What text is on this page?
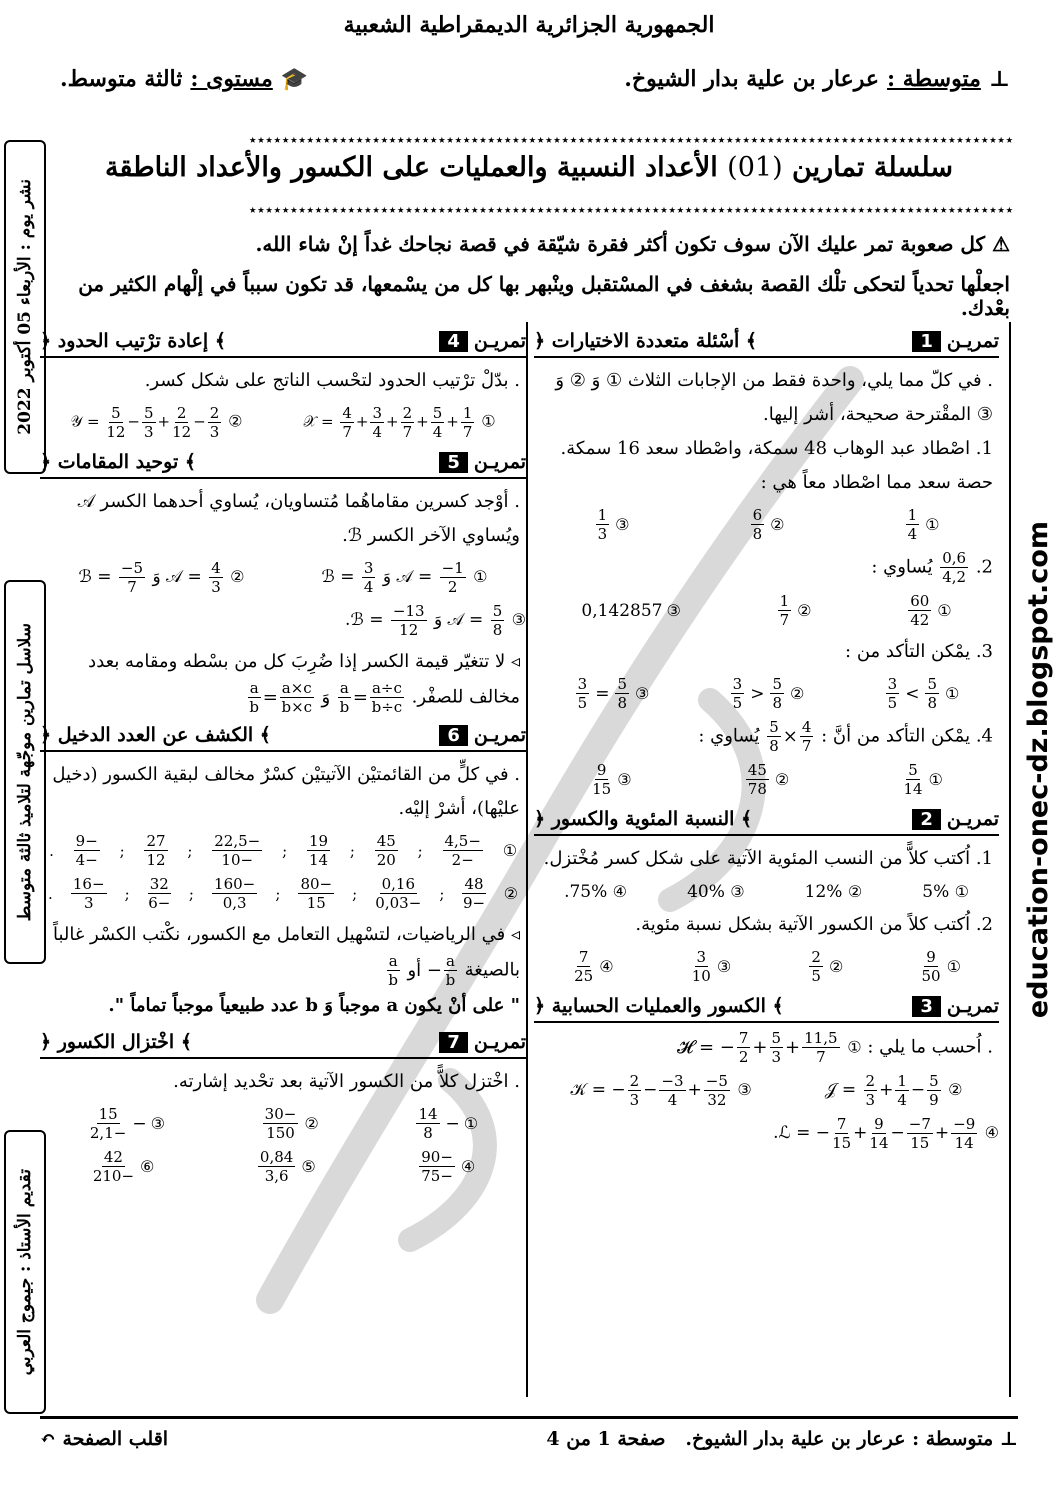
الجمهورية الجزائرية الديمقراطية الشعبية
⊥
متوسطة :
عرعار بن علية بدار الشيوخ.
🎓
مستوى :
ثالثة متوسط.
★★★★★★★★★★★★★★★★★★★★★★★★★★★★★★★★★★★★★★★★★★★★★★★★★★★★★★★★★★★★★★★★★★★★★★★★★★★★★★★★★★★★★★★★★★★★★
★★★★★★★★★★★★★★★★★★★★★★★★★★★★★★★★★★★★★★★★★★★★★★★★★★★★★★★★★★★★★★★★★★★★★★★★★★★★★★★★★★★★★★★★★★★★★
سلسلة تمارين (01) الأعداد النسبية والعمليات على الكسور والأعداد الناطقة
⚠ كل صعوبة تمر عليك الآن سوف تكون أكثر فقرة شيّقة في قصة نجاحك غداً إنْ شاء الله.
اجعلْها تحدياً لتحكى تلْك القصة بشغف في المسْتقبل وينْبهر بها كل من يسْمعها، قد تكون سبباً في إلْهام الكثير من بعْدك.
نشر يوم : الأربعاء 05 أكتوبر 2022
سلاسل تمارين موجّهة لتلاميذ ثالثة متوسط
تقديم الأستاذ : جيموج العربي
education-onec-dz.blogspot.com
تمريـن
1
﴾ أسْئلة متعددة الاختيارات ﴿
. في كلّ مما يلي، واحدة فقط من الإجابات الثلاث ① وَ ② وَ ③ المقْترحة صحيحة، أشر إليها.
1. اصْطاد عبد الوهاب 48 سمكة، واصْطاد سعد 16 سمكة. حصة سعد مما اصْطاد معاً هي :
①
$\frac{1}{4}$
②
$\frac{6}{8}$
③
$\frac{1}{3}$
2.
$\frac{0,6}{4,2}$
يُساوي :
①
$\frac{60}{42}$
②
$\frac{1}{7}$
③
0,142857
3. يمْكن التأكد من :
$\frac{3}{5} = \frac{5}{8}$ ③	$\frac{3}{5} > \frac{5}{8}$ ②	$\frac{3}{5} < \frac{5}{8}$ ①
4. يمْكن التأكد من أنَّ :
$\frac{5}{8} \times \frac{4}{7}$
يُساوي :
①
$\frac{5}{14}$
②
$\frac{45}{78}$
③
$\frac{9}{15}$
تمريـن
2
﴾ النسبة المئوية والكسور ﴿
1. اُكتب كلاًّ من النسب المئوية الآتية على شكل كسر مُخْتزل.
① 5%
② 12%
③ 40%
④ 75%.
2. اُكتب كلاً من الكسور الآتية بشكل نسبة مئوية.
①
$\frac{9}{50}$
②
$\frac{2}{5}$
③
$\frac{3}{10}$
④
$\frac{7}{25}$
تمريـن
3
﴾ الكسور والعمليات الحسابية ﴿
. اُحسب ما يلي : ① 𝓗 = − $\frac{7}{2} + \frac{5}{3} + \frac{11,5}{7}$
𝒦 = − $\frac{2}{3} - \frac{-3}{4} + \frac{-5}{32}$ ③	𝒥 = $\frac{2}{3} + \frac{1}{4} - \frac{5}{9}$ ②
.ℒ = − $\frac{7}{15} + \frac{9}{14} - \frac{-7}{15} + \frac{-9}{14}$ ④
تمريـن
4
﴾ إعادة ترْتيب الحدود ﴿
. بدّلْ ترْتيب الحدود لتحْسب الناتج على شكل كسر.
𝒴 = $\frac{5}{12} - \frac{5}{3} + \frac{2}{12} - \frac{2}{3}$ ②	𝒳 = $\frac{4}{7} + \frac{3}{4} + \frac{2}{7} + \frac{5}{4} + \frac{1}{7}$ ①
تمريـن
5
﴾ توحيد المقامات ﴿
. أوْجد كسرين مقاماهُما مُتساويان، يُساوي أحدهما الكسر 𝒜 ويُساوي الآخر الكسر ℬ.
ℬ = $\frac{-5}{7}$ وَ 𝒜 = $\frac{4}{3}$ ②	ℬ = $\frac{3}{4}$ وَ 𝒜 = $\frac{-1}{2}$ ①
.ℬ = $\frac{-13}{12}$ وَ 𝒜 = $\frac{5}{8}$ ③
◃ لا تتغيّر قيمة الكسر إذا ضُرِبَ كل من بسْطه ومقامه بعدد مخالف للصفْر.
$\frac{a}{b} = \frac{a\times c}{b\times c}$ وَ $\frac{a}{b} = \frac{a\div c}{b\div c}$
تمريـن
6
﴾ الكشف عن العدد الدخيل ﴿
. في كلٍّ من القائمتيْن الآتيتيْن كسْرٌ مخالف لبقية الكسور (دخيل عليْها)، أشرْ إليْه.
①
$\frac{-4,5}{-2}$
;
$\frac{45}{20}$
;
$\frac{19}{14}$
;
$\frac{-22,5}{-10}$
;
$\frac{27}{12}$
;
$\frac{-9}{-4}$
.
②
$\frac{48}{-9}$
;
$\frac{0,16}{-0,03}$
;
$\frac{-80}{15}$
;
$\frac{-160}{0,3}$
;
$\frac{32}{-6}$
;
$\frac{-16}{3}$
.
◃ في الرياضيات، لتسْهيل التعامل مع الكسور، نكْتب الكسْر غالباً بالصيغة
$\frac{a}{b}$ أو − $\frac{a}{b}$
" على أنْ يكون a موجباً وَ b عدد طبيعياً موجباً تماماً ".
تمريـن
7
﴾ اخْتزال الكسور ﴿
. اخْتزل كلاًّ من الكسور الآتية بعد تحْديد إشارته.
①
−
$\frac{14}{8}$
②
$\frac{-30}{150}$
③
−
$\frac{15}{-2,1}$
④
$\frac{-90}{-75}$
⑤
$\frac{0,84}{3,6}$
⑥
$\frac{42}{-210}$
⊥ متوسطة : عرعار بن علية بدار الشيوخ.   صفحة 1 من 4
اقلب الصفحة ↶
